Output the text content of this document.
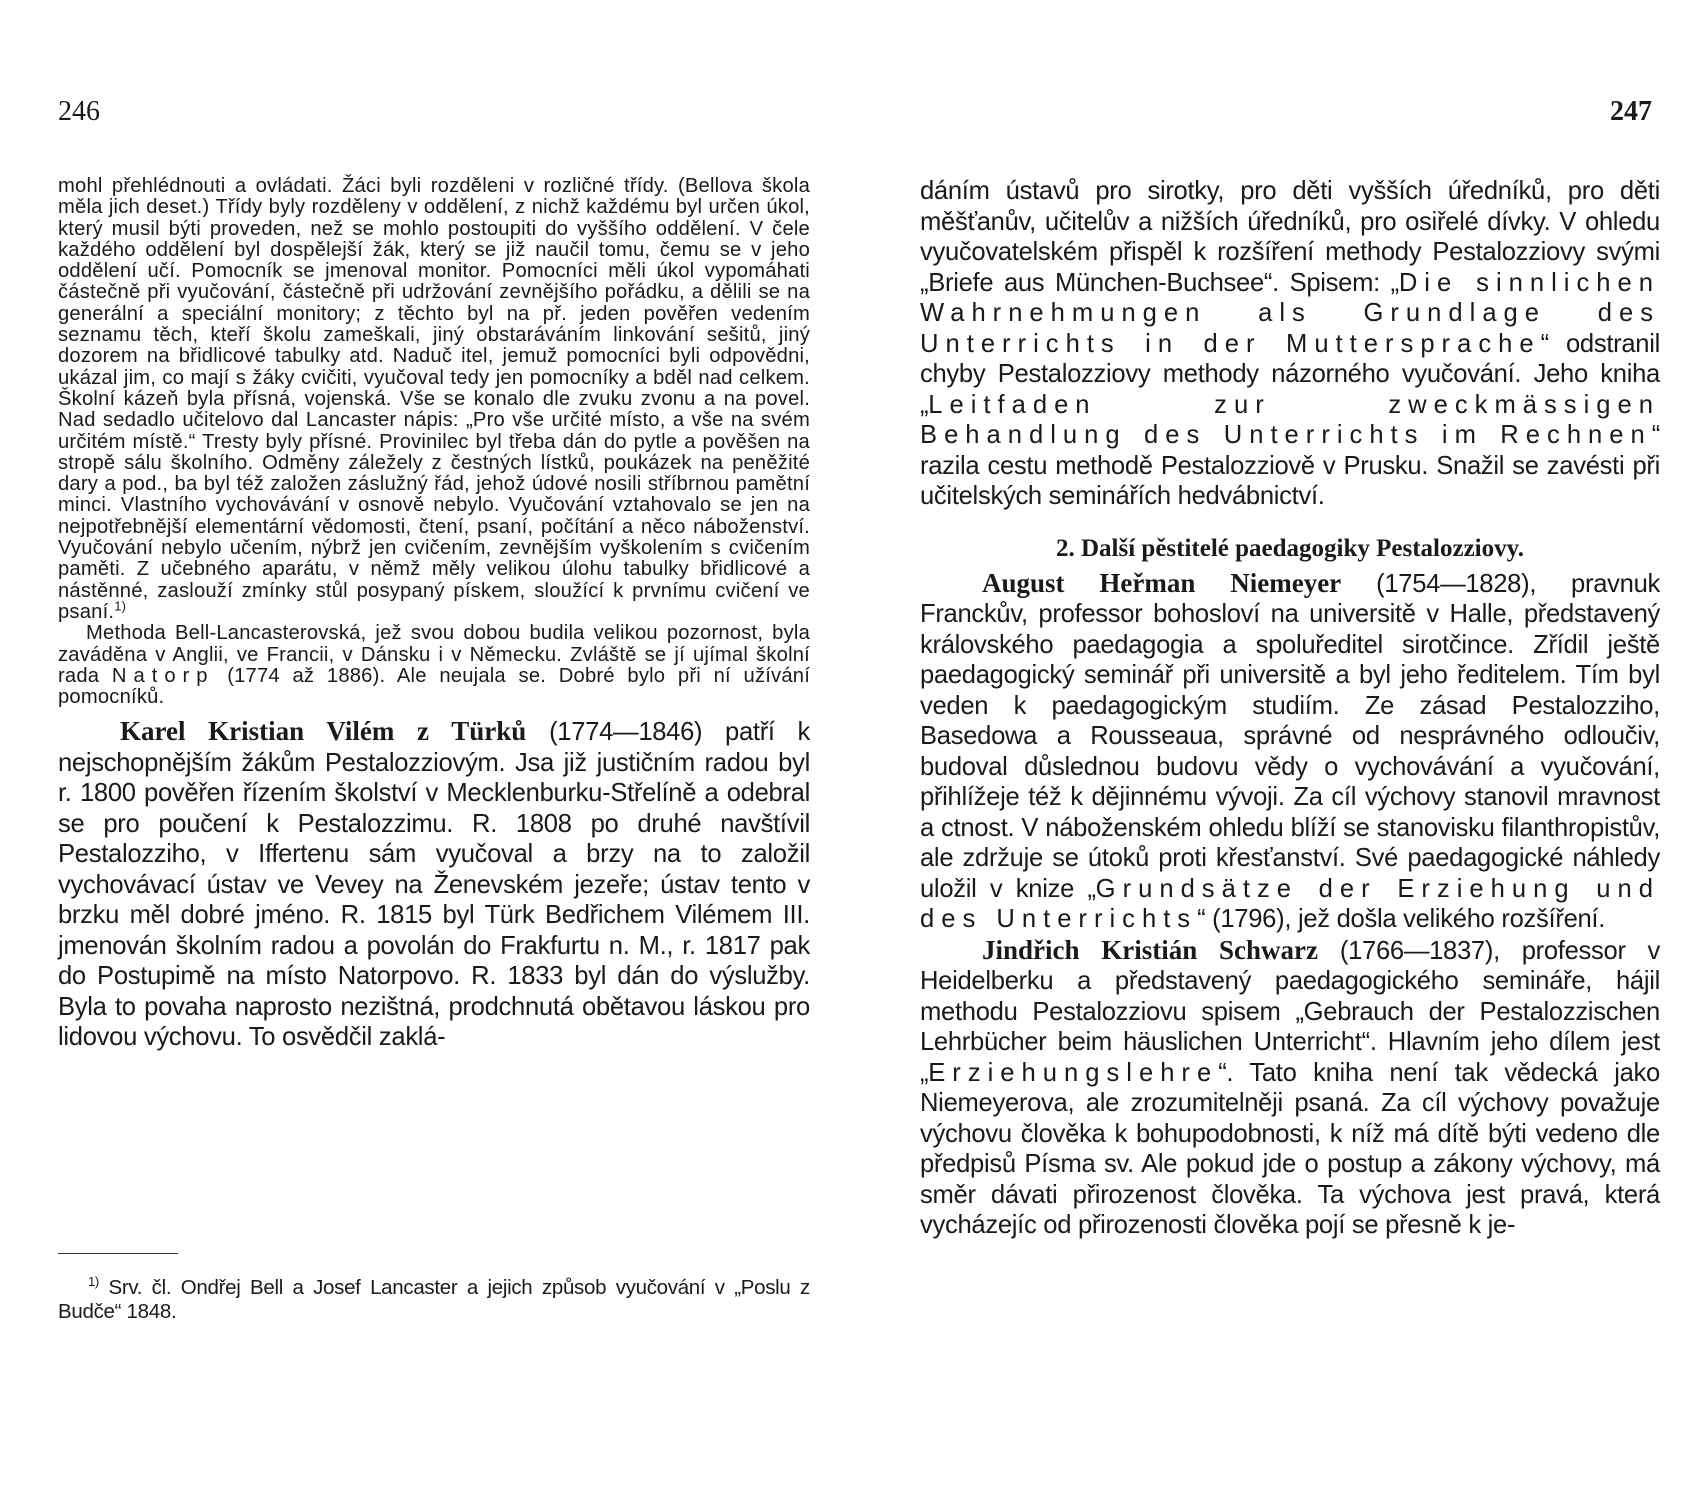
246

mohl přehlédnouti a ovládati. Žáci byli rozděleni v rozličné třídy. (Bellova škola měla jich deset.) Třídy byly rozděleny v oddělení, z nichž každému byl určen úkol, který musil býti proveden, než se mohlo postoupiti do vyššího oddělení. V čele každého oddělení byl dospělejší žák, který se již naučil tomu, čemu se v jeho oddělení učí. Pomocník se jmenoval monitor. Pomocníci měli úkol vypomáhati částečně při vyučování, částečně při udržování zevnějšího pořádku, a dělili se na generální a speciální monitory; z těchto byl na př. jeden pověřen vedením seznamu těch, kteří školu zameškali, jiný obstaráváním linkování sešitů, jiný dozorem na břidlicové tabulky atd. Naduč itel, jemuž pomocníci byli odpovědni, ukázal jim, co mají s žáky cvičiti, vyučoval tedy jen pomocníky a bděl nad celkem. Školní kázeň byla přísná, vojenská. Vše se konalo dle zvuku zvonu a na povel. Nad sedadlo učitelovo dal Lancaster nápis: „Pro vše určité místo, a vše na svém určitém místě.“ Tresty byly přísné. Provinilec byl třeba dán do pytle a pověšen na stropě sálu školního. Odměny záležely z čestných lístků, poukázek na peněžité dary a pod., ba byl též založen záslužný řád, jehož údové nosili stříbrnou pamětní minci. Vlastního vychovávání v osnově nebylo. Vyučování vztahovalo se jen na nejpotřebnější elementární vědomosti, čtení, psaní, počítání a něco náboženství. Vyučování nebylo učením, nýbrž jen cvičením, zevnějším vyškolením s cvičením paměti. Z učebného aparátu, v němž měly velikou úlohu tabulky břidlicové a nástěnné, zaslouží zmínky stůl posypaný pískem, sloužící k prvnímu cvičení ve psaní.$^{1)}$

Methoda Bell-Lancasterovská, jež svou dobou budila velikou pozornost, byla zaváděna v Anglii, ve Francii, v Dánsku i v Německu. Zvláště se jí ujímal školní rada Natorp (1774 až 1886). Ale neujala se. Dobré bylo při ní užívání pomocníků.

Karel Kristian Vilém z Türků (1774—1846) patří k nejschopnějším žákům Pestalozziovým. Jsa již justičním radou byl r. 1800 pověřen řízením školství v Mecklenburku-Střelíně a odebral se pro poučení k Pestalozzimu. R. 1808 po druhé navštívil Pestalozziho, v Iffertenu sám vyučoval a brzy na to založil vychovávací ústav ve Vevey na Ženevském jezeře; ústav tento v brzku měl dobré jméno. R. 1815 byl Türk Bedřichem Vilémem III. jmenován školním radou a povolán do Frakfurtu n. M., r. 1817 pak do Postupimě na místo Natorpovo. R. 1833 byl dán do výslužby. Byla to povaha naprosto nezištná, prodchnutá obětavou láskou pro lidovou výchovu. To osvědčil zaklá-

$^{1)}$ Srv. čl. Ondřej Bell a Josef Lancaster a jejich způsob vyučování v „Poslu z Budče“ 1848.

247

dáním ústavů pro sirotky, pro děti vyšších úředníků, pro děti měšťanův, učitelův a nižších úředníků, pro osiřelé dívky. V ohledu vyučovatelském přispěl k rozšíření methody Pestalozziovy svými „Briefe aus München-Buchsee“. Spisem: „Die sinnlichen Wahrnehmungen als Grundlage des Unterrichts in der Muttersprache“ odstranil chyby Pestalozziovy methody názorného vyučování. Jeho kniha „Leitfaden zur zweckmässigen Behandlung des Unterrichts im Rechnen“ razila cestu methodě Pestalozziově v Prusku. Snažil se zavésti při učitelských seminářích hedvábnictví.

2. Další pěstitelé paedagogiky Pestalozziovy.

August Heřman Niemeyer (1754—1828), pravnuk Franckův, professor bohosloví na universitě v Halle, představený královského paedagogia a spoluředitel sirotčince. Zřídil ještě paedagogický seminář při universitě a byl jeho ředitelem. Tím byl veden k paedagogickým studiím. Ze zásad Pestalozziho, Basedowa a Rousseaua, správné od nesprávného odloučiv, budoval důslednou budovu vědy o vychovávání a vyučování, přihlížeje též k dějinnému vývoji. Za cíl výchovy stanovil mravnost a ctnost. V náboženském ohledu blíží se stanovisku filanthropistův, ale zdržuje se útoků proti křesťanství. Své paedagogické náhledy uložil v knize „Grundsätze der Erziehung und des Unterrichts“ (1796), jež došla velikého rozšíření.

Jindřich Kristián Schwarz (1766—1837), professor v Heidelberku a představený paedagogického semináře, hájil methodu Pestalozziovu spisem „Gebrauch der Pestalozzischen Lehrbücher beim häuslichen Unterricht“. Hlavním jeho dílem jest „Erziehungslehre“. Tato kniha není tak vědecká jako Niemeyerova, ale zrozumitelněji psaná. Za cíl výchovy považuje výchovu člověka k bohupodobnosti, k níž má dítě býti vedeno dle předpisů Písma sv. Ale pokud jde o postup a zákony výchovy, má směr dávati přirozenost člověka. Ta výchova jest pravá, která vycházejíc od přirozenosti člověka pojí se přesně k je-
